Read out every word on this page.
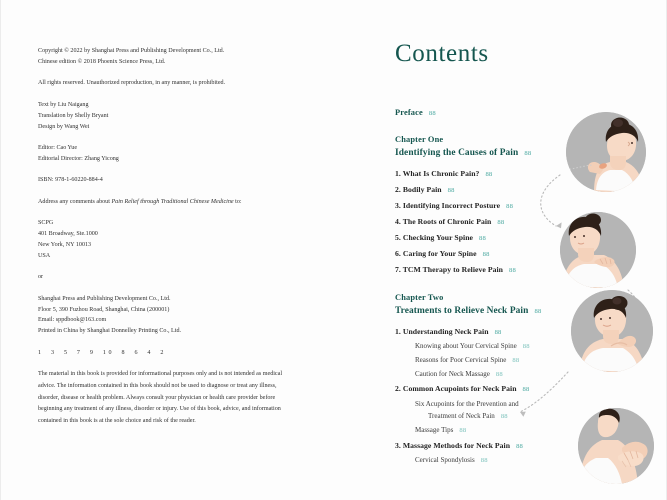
Copyright © 2022 by Shanghai Press and Publishing Development Co., Ltd.
Chinese edition © 2018 Phoenix Science Press, Ltd.
All rights reserved. Unauthorized reproduction, in any manner, is prohibited.
Text by Liu Naigang
Translation by Shelly Bryant
Design by Wang Wei
Editor: Cao Yue
Editorial Director: Zhang Yicong
ISBN: 978-1-60220-884-4
Address any comments about Pain Relief through Traditional Chinese Medicine to:
SCPG
401 Broadway, Ste.1000
New York, NY 10013
USA
or
Shanghai Press and Publishing Development Co., Ltd.
Floor 5, 390 Fuzhou Road, Shanghai, China (200001)
Email: sppdbook@163.com
Printed in China by Shanghai Donnelley Printing Co., Ltd.
1 3 5 7 9 10 8 6 4 2
The material in this book is provided for informational purposes only and is not intended as medical advice. The information contained in this book should not be used to diagnose or treat any illness, disorder, disease or health problem. Always consult your physician or health care provider before beginning any treatment of any illness, disorder or injury. Use of this book, advice, and information contained in this book is at the sole choice and risk of the reader.
Contents
Preface 88
Chapter One
Identifying the Causes of Pain 88
1. What Is Chronic Pain? 88
2. Bodily Pain 88
3. Identifying Incorrect Posture 88
4. The Roots of Chronic Pain 88
5. Checking Your Spine 88
6. Caring for Your Spine 88
7. TCM Therapy to Relieve Pain 88
Chapter Two
Treatments to Relieve Neck Pain 88
1. Understanding Neck Pain 88
Knowing about Your Cervical Spine 88
Reasons for Poor Cervical Spine 88
Caution for Neck Massage 88
2. Common Acupoints for Neck Pain 88
Six Acupoints for the Prevention and
Treatment of Neck Pain 88
Massage Tips 88
3. Massage Methods for Neck Pain 88
Cervical Spondylosis 88
